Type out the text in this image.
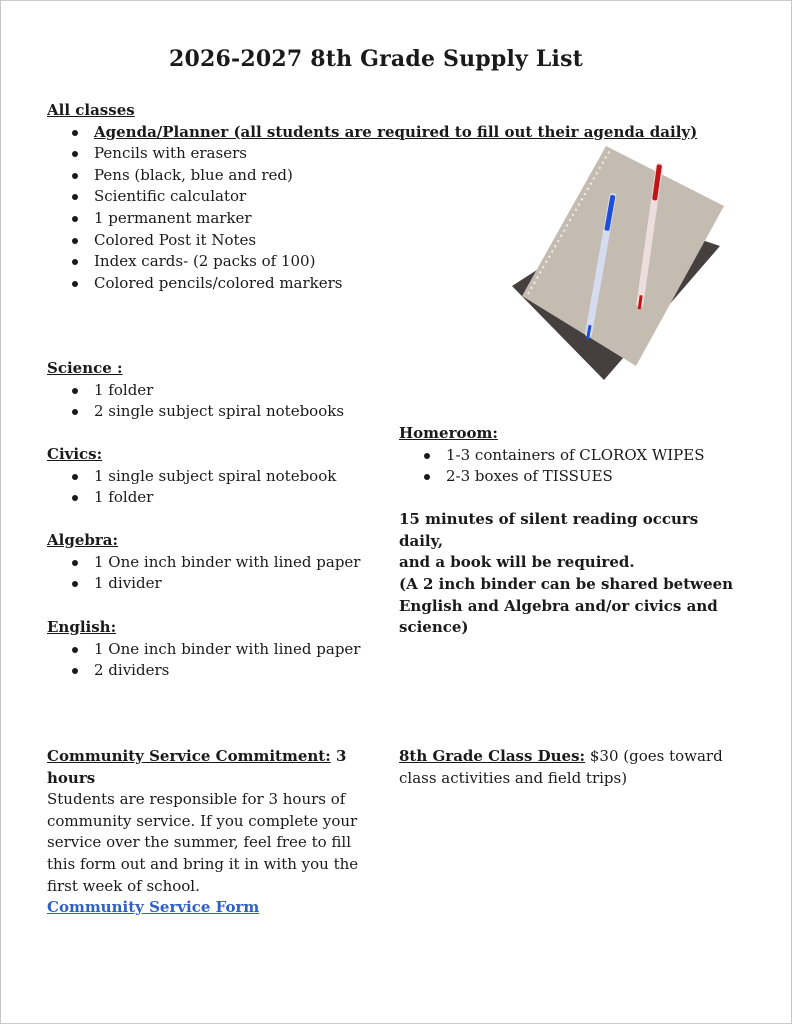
2026-2027 8th Grade Supply List
All classes
Agenda/Planner (all students are required to fill out their agenda daily)
Pencils with erasers
Pens (black, blue and red)
Scientific calculator
1 permanent marker
Colored Post it Notes
Index cards- (2 packs of 100)
Colored pencils/colored markers
Science :
1 folder
2 single subject spiral notebooks
Civics:
1 single subject spiral notebook
1 folder
Algebra:
1 One inch binder with lined paper
1 divider
English:
1 One inch binder with lined paper
2 dividers
Homeroom:
1-3 containers of CLOROX WIPES
2-3 boxes of TISSUES
15 minutes of silent reading occurs daily,
and a book will be required.
(A 2 inch binder can be shared between
English and Algebra and/or civics and
science)
Community Service Commitment: 3 hours
Students are responsible for 3 hours of
community service. If you complete your
service over the summer, feel free to fill
this form out and bring it in with you the
first week of school.
Community Service Form
8th Grade Class Dues: $30 (goes toward
class activities and field trips)
